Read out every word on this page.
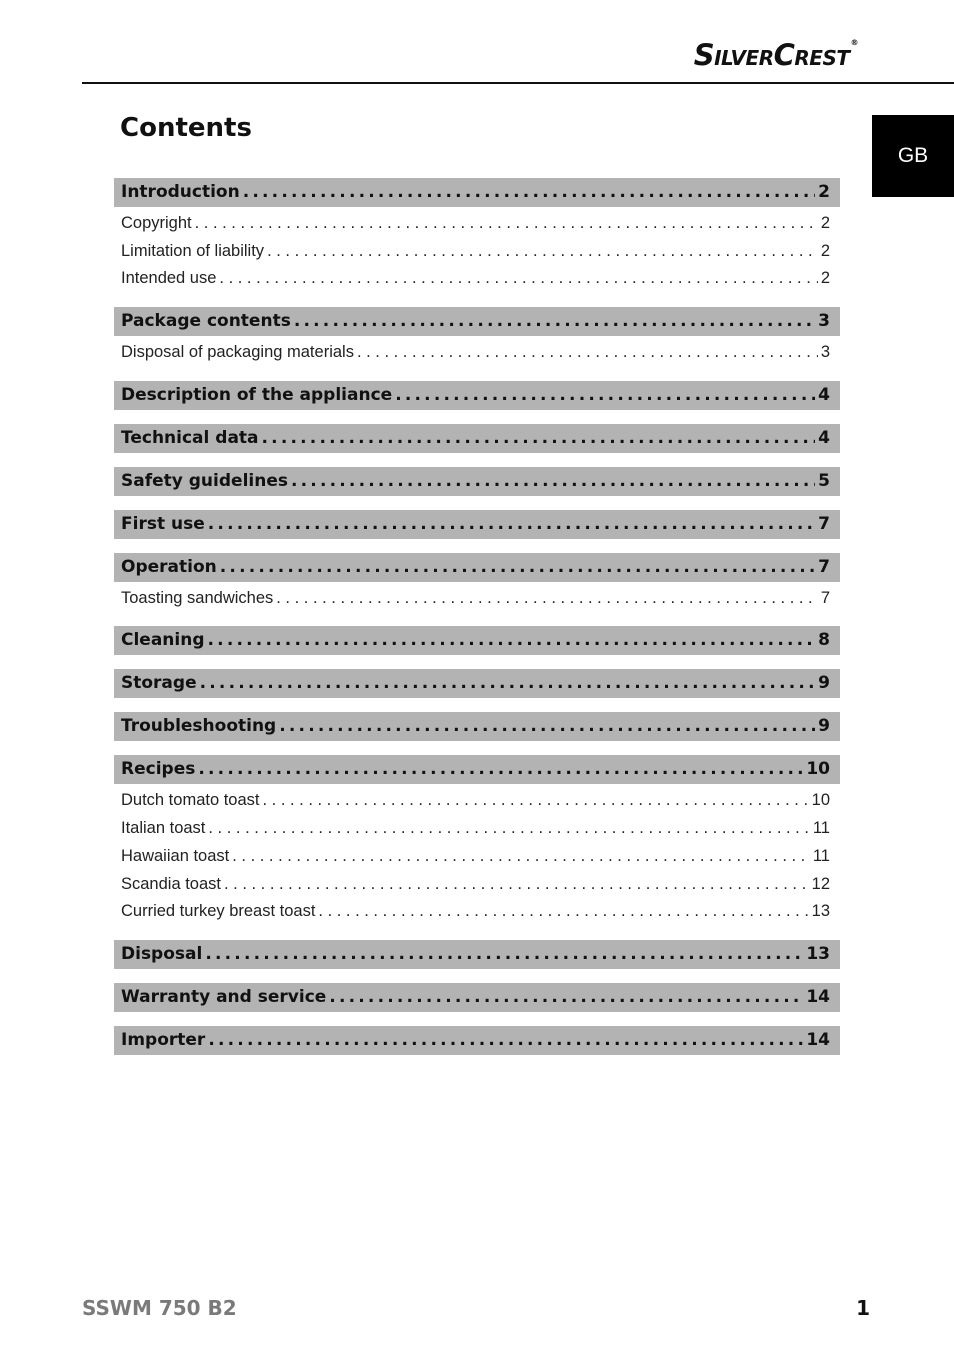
SilverCrest®
GB
Contents
Introduction .....	2
Copyright . . .	2
Limitation of liability . . .	2
Intended use . . .	2
Package contents .....	3
Disposal of packaging materials . . .	3
Description of the appliance .....	4
Technical data .....	4
Safety guidelines .....	5
First use .....	7
Operation .....	7
Toasting sandwiches . . .	7
Cleaning .....	8
Storage .....	9
Troubleshooting .....	9
Recipes .....	10
Dutch tomato toast . . .	10
Italian toast . . .	11
Hawaiian toast . . .	11
Scandia toast . . .	12
Curried turkey breast toast . . .	13
Disposal .....	13
Warranty and service .....	14
Importer .....	14
SSWM 750 B2	1
